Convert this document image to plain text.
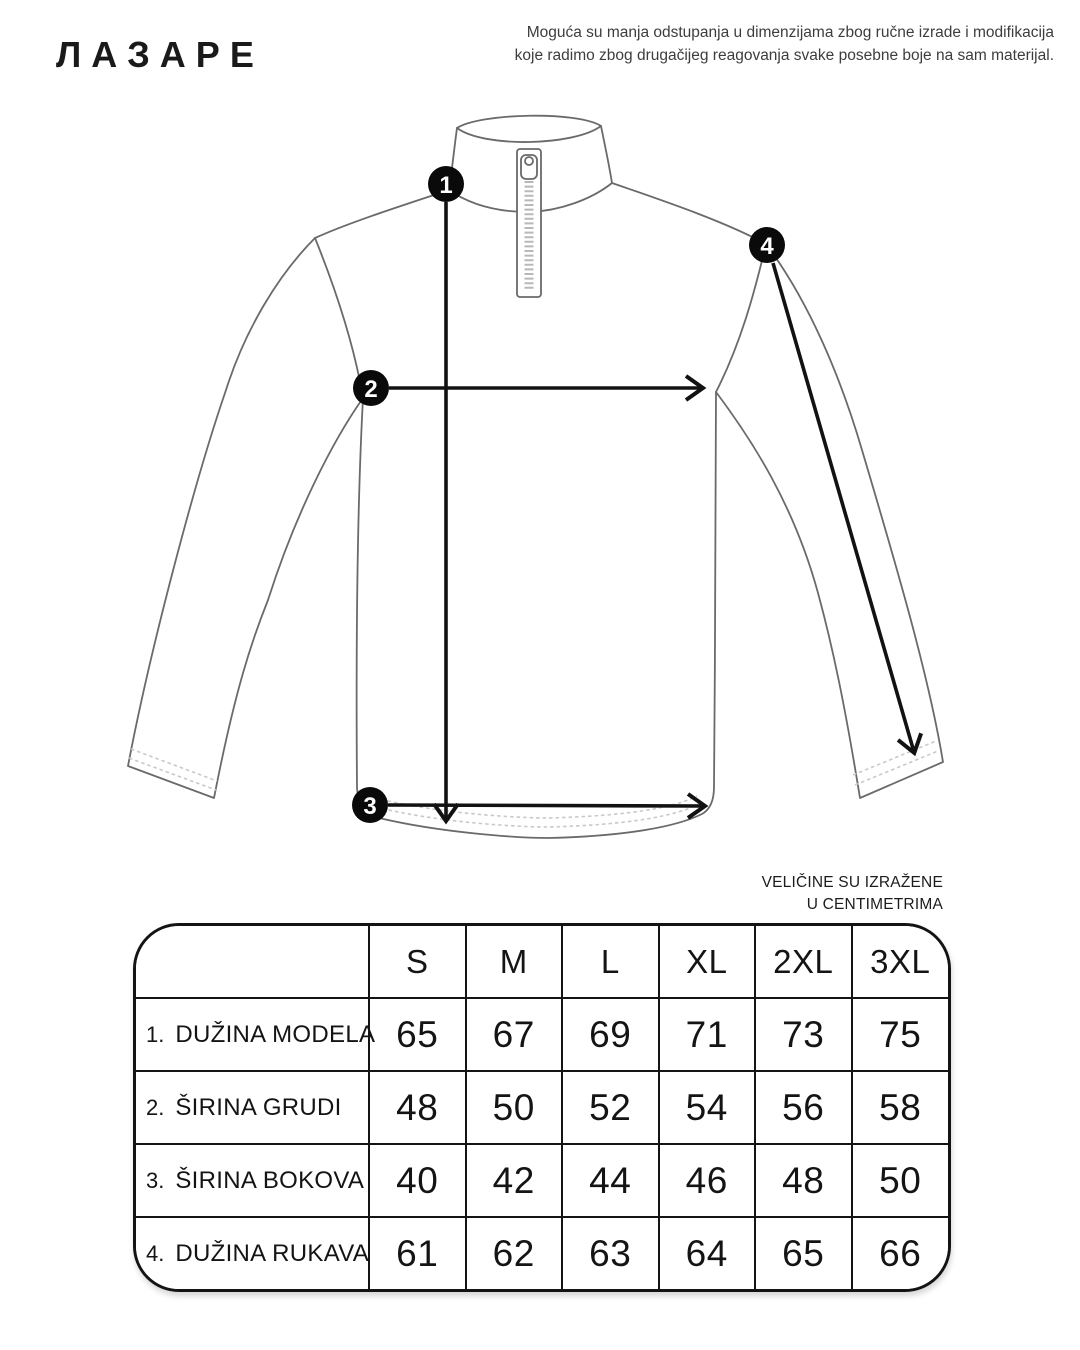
ЛАЗАРЕ
Moguća su manja odstupanja u dimenzijama zbog ručne izrade i modifikacija
koje radimo zbog drugačijeg reagovanja svake posebne boje na sam materijal.
1
2
3
4
VELIČINE SU IZRAŽENE
U CENTIMETRIMA
	S	M	L	XL	2XL	3XL
1. DUŽINA MODELA	65	67	69	71	73	75
2. ŠIRINA GRUDI	48	50	52	54	56	58
3. ŠIRINA BOKOVA	40	42	44	46	48	50
4. DUŽINA RUKAVA	61	62	63	64	65	66
